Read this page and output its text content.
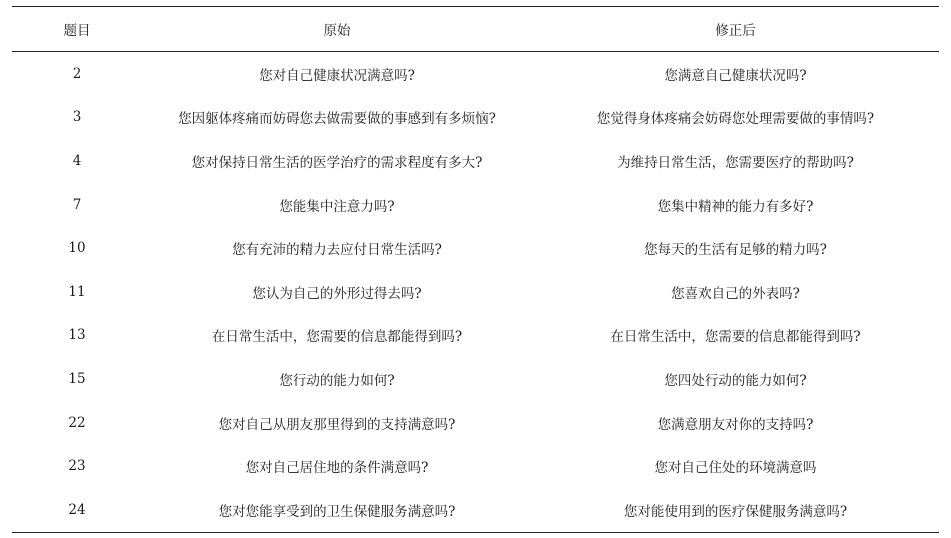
题目	原始	修正后
2	您对自己健康状况满意吗?	您满意自己健康状况吗?
3	您因躯体疼痛而妨碍您去做需要做的事感到有多烦恼?	您觉得身体疼痛会妨碍您处理需要做的事情吗?
4	您对保持日常生活的医学治疗的需求程度有多大?	为维持日常生活，您需要医疗的帮助吗?
7	您能集中注意力吗?	您集中精神的能力有多好?
10	您有充沛的精力去应付日常生活吗?	您每天的生活有足够的精力吗?
11	您认为自己的外形过得去吗?	您喜欢自己的外表吗?
13	在日常生活中，您需要的信息都能得到吗?	在日常生活中，您需要的信息都能得到吗?
15	您行动的能力如何?	您四处行动的能力如何?
22	您对自己从朋友那里得到的支持满意吗?	您满意朋友对你的支持吗?
23	您对自己居住地的条件满意吗?	您对自己住处的环境满意吗
24	您对您能享受到的卫生保健服务满意吗?	您对能使用到的医疗保健服务满意吗?
